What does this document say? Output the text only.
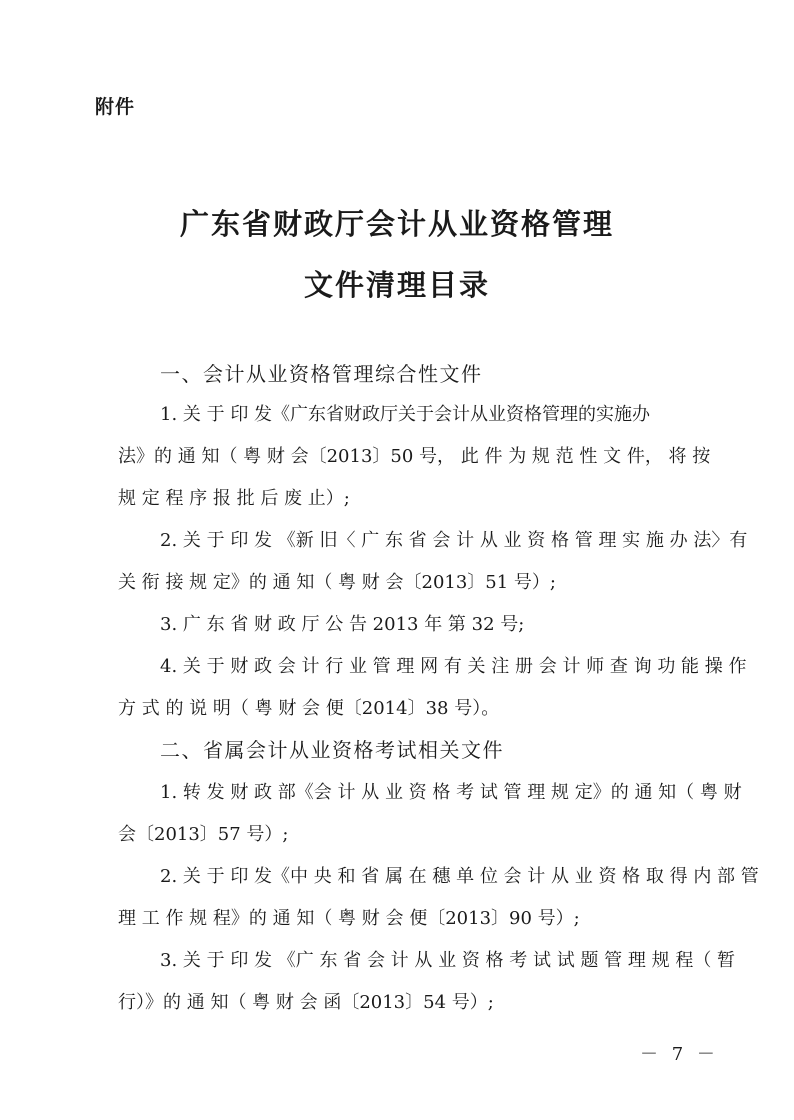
附件
广东省财政厅会计从业资格管理
文件清理目录
一、会计从业资格管理综合性文件
1. 关 于 印 发《广东省财政厅关于会计从业资格管理的实施办
法》的 通 知（ 粤 财 会〔2013〕50 号， 此 件 为 规 范 性 文 件， 将 按
规 定 程 序 报 批 后 废 止）;
2. 关 于 印 发 《新 旧〈 广 东 省 会 计 从 业 资 格 管 理 实 施 办 法〉有
关 衔 接 规 定》的 通 知（ 粤 财 会〔2013〕51 号）;
3. 广 东 省 财 政 厅 公 告 2013 年 第 32 号;
4. 关 于 财 政 会 计 行 业 管 理 网 有 关 注 册 会 计 师 查 询 功 能 操 作
方 式 的 说 明（ 粤 财 会 便〔2014〕38 号）。
二、省属会计从业资格考试相关文件
1. 转 发 财 政 部《会 计 从 业 资 格 考 试 管 理 规 定》的 通 知（ 粤 财
会〔2013〕57 号）;
2. 关 于 印 发《中 央 和 省 属 在 穗 单 位 会 计 从 业 资 格 取 得 内 部 管
理 工 作 规 程》的 通 知（ 粤 财 会 便〔2013〕90 号）;
3. 关 于 印 发 《广 东 省 会 计 从 业 资 格 考 试 试 题 管 理 规 程（ 暂
行）》的 通 知（ 粤 财 会 函〔2013〕54 号）;
－ 7 －
